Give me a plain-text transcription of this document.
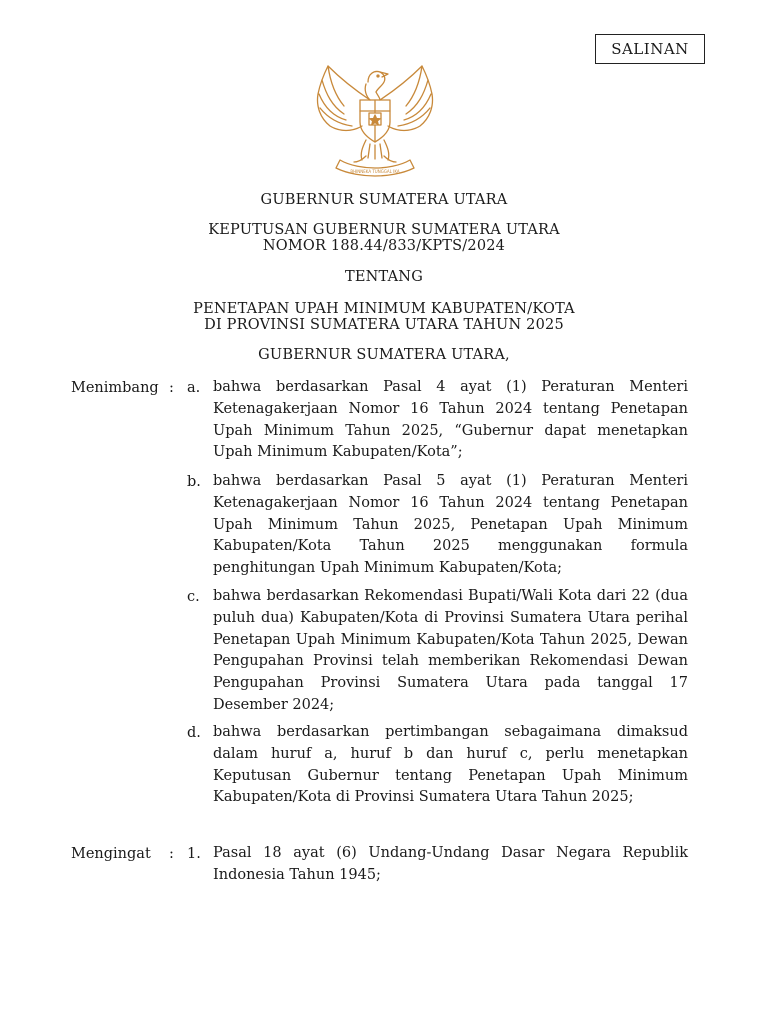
SALINAN
BHINNEKA TUNGGAL IKA
GUBERNUR SUMATERA UTARA
KEPUTUSAN GUBERNUR SUMATERA UTARA
NOMOR 188.44/833/KPTS/2024
TENTANG
PENETAPAN UPAH MINIMUM KABUPATEN/KOTA
DI PROVINSI SUMATERA UTARA TAHUN 2025
GUBERNUR SUMATERA UTARA,
Menimbang : a. bahwa berdasarkan Pasal 4 ayat (1) Peraturan Menteri Ketenagakerjaan Nomor 16 Tahun 2024 tentang Penetapan Upah Minimum Tahun 2025, “Gubernur dapat menetapkan Upah Minimum Kabupaten/Kota”;
b. bahwa berdasarkan Pasal 5 ayat (1) Peraturan Menteri Ketenagakerjaan Nomor 16 Tahun 2024 tentang Penetapan Upah Minimum Tahun 2025, Penetapan Upah Minimum Kabupaten/Kota Tahun 2025 menggunakan formula penghitungan Upah Minimum Kabupaten/Kota;
c. bahwa berdasarkan Rekomendasi Bupati/Wali Kota dari 22 (dua puluh dua) Kabupaten/Kota di Provinsi Sumatera Utara perihal Penetapan Upah Minimum Kabupaten/Kota Tahun 2025, Dewan Pengupahan Provinsi telah memberikan Rekomendasi Dewan Pengupahan Provinsi Sumatera Utara pada tanggal 17 Desember 2024;
d. bahwa berdasarkan pertimbangan sebagaimana dimaksud dalam huruf a, huruf b dan huruf c, perlu menetapkan Keputusan Gubernur tentang Penetapan Upah Minimum Kabupaten/Kota di Provinsi Sumatera Utara Tahun 2025;
Mengingat : 1. Pasal 18 ayat (6) Undang-Undang Dasar Negara Republik Indonesia Tahun 1945;
